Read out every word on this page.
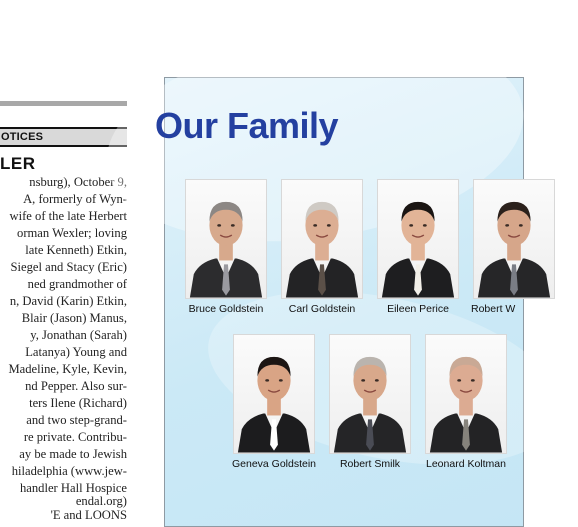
OTICES
LER
nsburg), October 9,
A, formerly of Wyn-
wife of the late Herbert
orman Wexler; loving
late Kenneth) Etkin,
Siegel and Stacy (Eric)
ned grandmother of
n, David (Karin) Etkin,
Blair (Jason) Manus,
y, Jonathan (Sarah)
Latanya) Young and
Madeline, Kyle, Kevin,
nd Pepper. Also sur-
ters Ilene (Richard)
and two step-grand-
re private. Contribu-
ay be made to Jewish
hiladelphia (www.jew-
handler Hall Hospice
endal.org)
'E and LOONS
Our Family
Bruce Goldstein	Carl Goldstein	Eileen Perice	Robert W
Geneva Goldstein	Robert Smilk	Leonard Koltman
